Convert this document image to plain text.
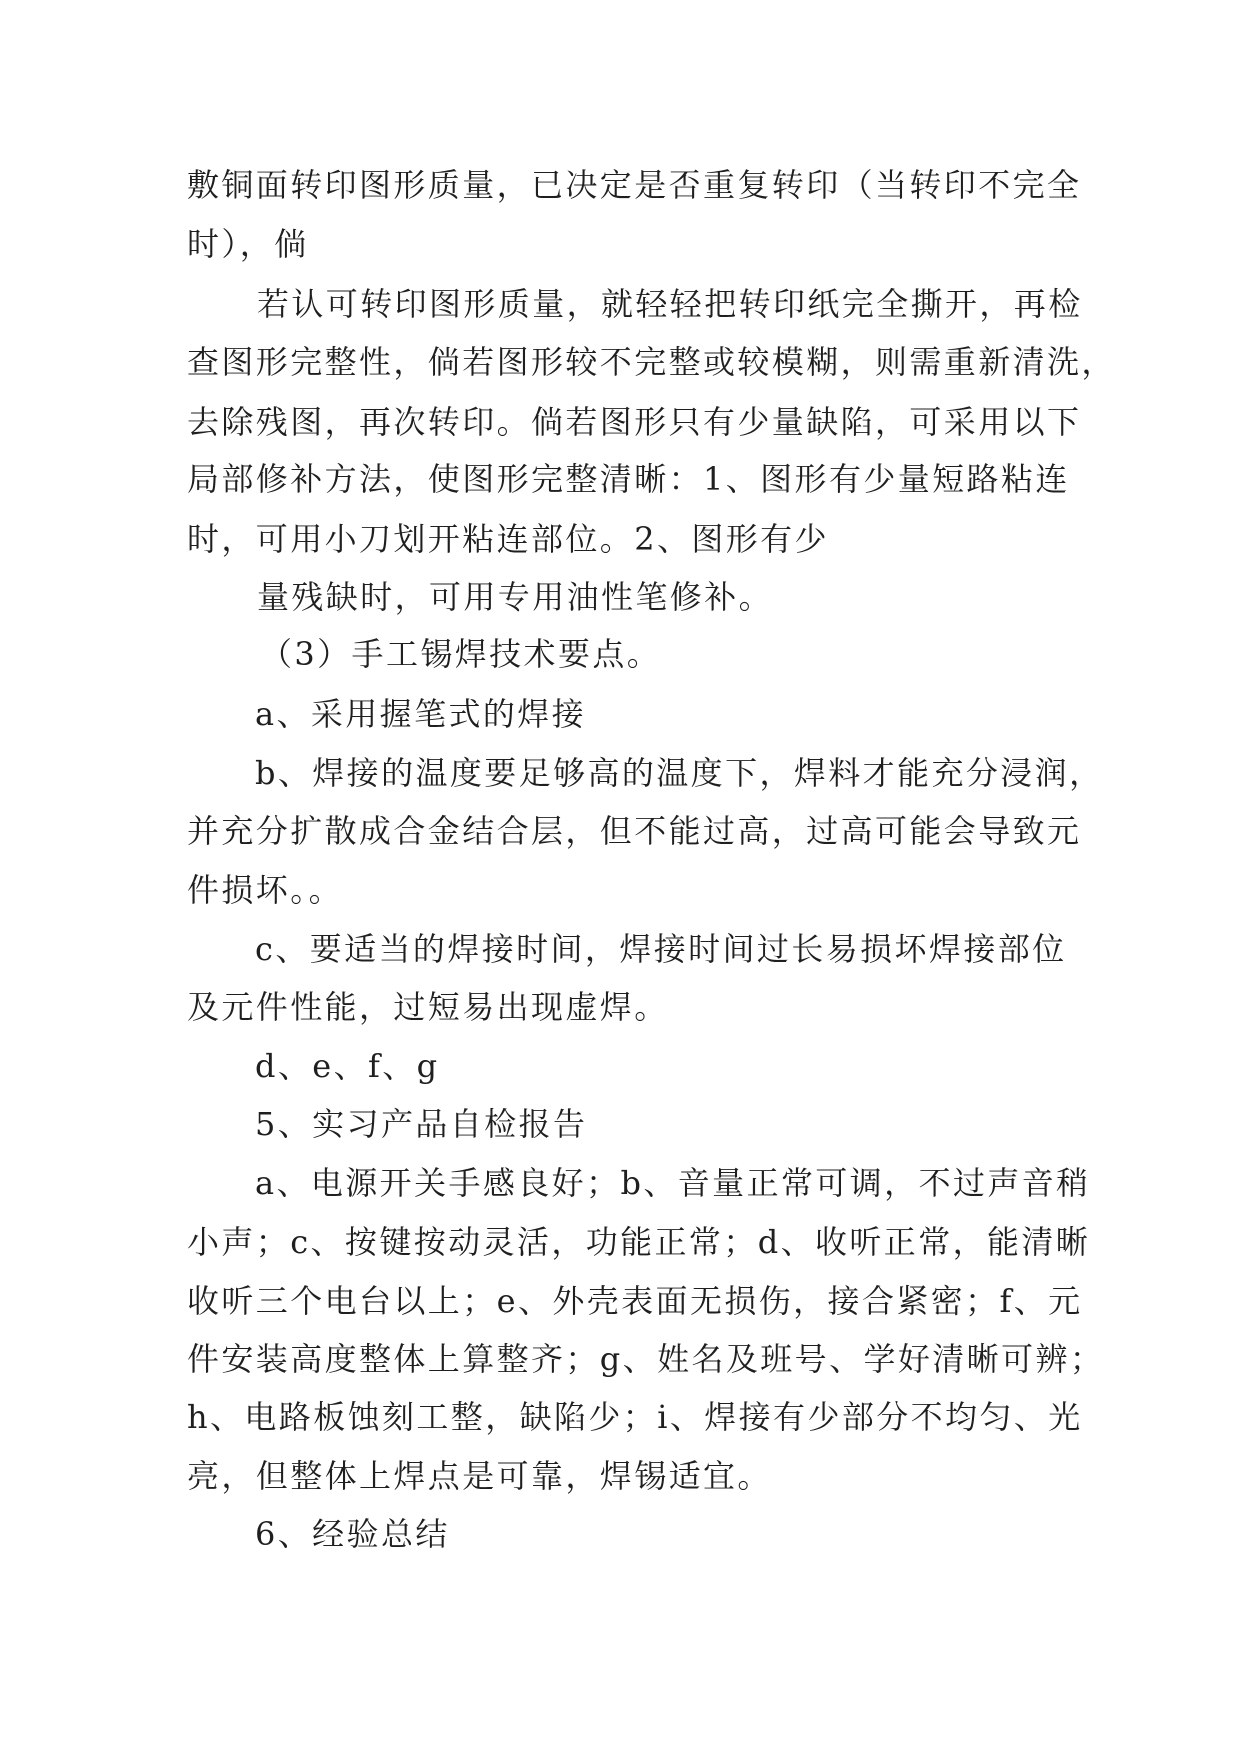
敷铜面转印图形质量，已决定是否重复转印（当转印不完全

时），倘

若认可转印图形质量，就轻轻把转印纸完全撕开，再检

查图形完整性，倘若图形较不完整或较模糊，则需重新清洗，

去除残图，再次转印。倘若图形只有少量缺陷，可采用以下

局部修补方法，使图形完整清晰：1、图形有少量短路粘连

时，可用小刀划开粘连部位。2、图形有少

量残缺时，可用专用油性笔修补。

（3）手工锡焊技术要点。

a、采用握笔式的焊接

b、焊接的温度要足够高的温度下，焊料才能充分浸润，

并充分扩散成合金结合层，但不能过高，过高可能会导致元

件损坏。。

c、要适当的焊接时间，焊接时间过长易损坏焊接部位

及元件性能，过短易出现虚焊。

d、e、f、g

5、实习产品自检报告

a、电源开关手感良好；b、音量正常可调，不过声音稍

小声；c、按键按动灵活，功能正常；d、收听正常，能清晰

收听三个电台以上；e、外壳表面无损伤，接合紧密；f、元

件安装高度整体上算整齐；g、姓名及班号、学好清晰可辨；

h、电路板蚀刻工整，缺陷少；i、焊接有少部分不均匀、光

亮，但整体上焊点是可靠，焊锡适宜。

6、经验总结
